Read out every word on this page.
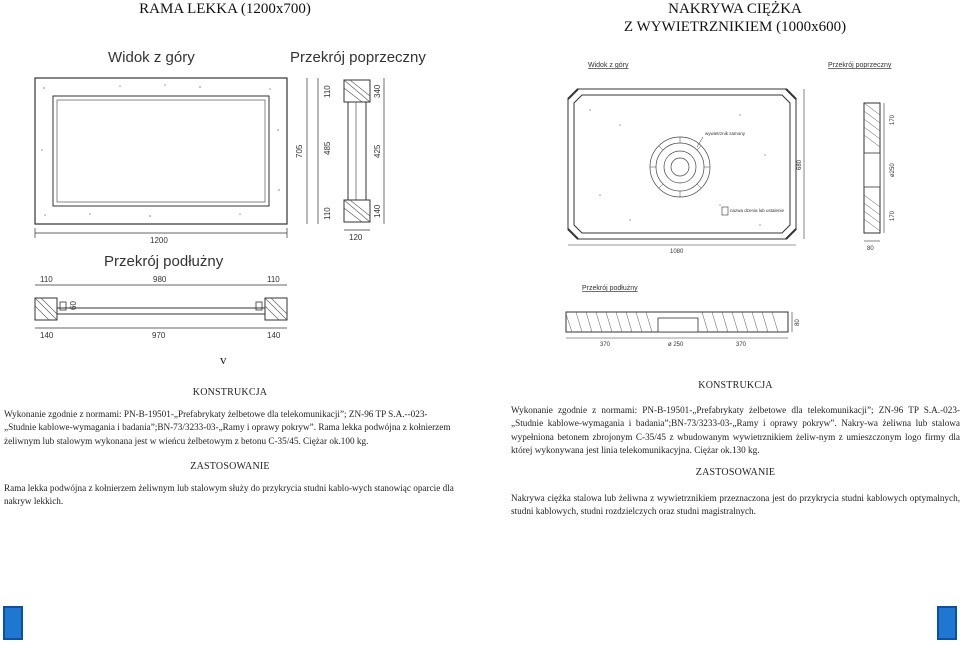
RAMA LEKKA (1200x700)	NAKRYWA CIĘŻKA
Z WYWIETRZNIKIEM (1000x600)
Widok z góry	Przekrój poprzeczny
1200
705
110
485
110
340
425
140
120
Przekrój podłużny
110	980	110
60
140	970	140
v
Widok z góry	Przekrój poprzeczny
wywietrznik zamony
nazwa dzenia lub ustalenie
1080
680
170
ø250
170
80
Przekrój podłużny
80
370	ø 250	370

KONSTRUKCJA

Wykonanie zgodnie z normami: PN-B-19501-„Prefabrykaty żelbetowe dla telekomunikacji”; ZN-96 TP S.A.--023-„Studnie kablowe-wymagania i badania”;BN-73/3233-03-„Ramy i oprawy pokryw”. Rama lekka podwójna z kołnierzem żeliwnym lub stalowym wykonana jest w wieńcu żelbetowym z betonu C-35/45. Ciężar ok.100 kg.

ZASTOSOWANIE

Rama lekka podwójna z kołnierzem żeliwnym lub stalowym służy do przykrycia studni kablo-wych stanowiąc oparcie dla nakryw lekkich.

KONSTRUKCJA

Wykonanie zgodnie z normami: PN-B-19501-„Prefabrykaty żelbetowe dla telekomunikacji”; ZN-96 TP S.A.-023-„Studnie kablowe-wymagania i badania”;BN-73/3233-03-„Ramy i oprawy pokryw”. Nakry-wa żeliwna lub stalowa wypełniona betonem zbrojonym C-35/45 z wbudowanym wywietrznikiem żeliw-nym z umieszczonym logo firmy dla której wykonywana jest linia telekomunikacyjna. Ciężar ok.130 kg.

ZASTOSOWANIE

Nakrywa ciężka stalowa lub żeliwna z wywietrznikiem przeznaczona jest do przykrycia studni kablowych optymalnych, studni kablowych, studni rozdzielczych oraz studni magistralnych.
